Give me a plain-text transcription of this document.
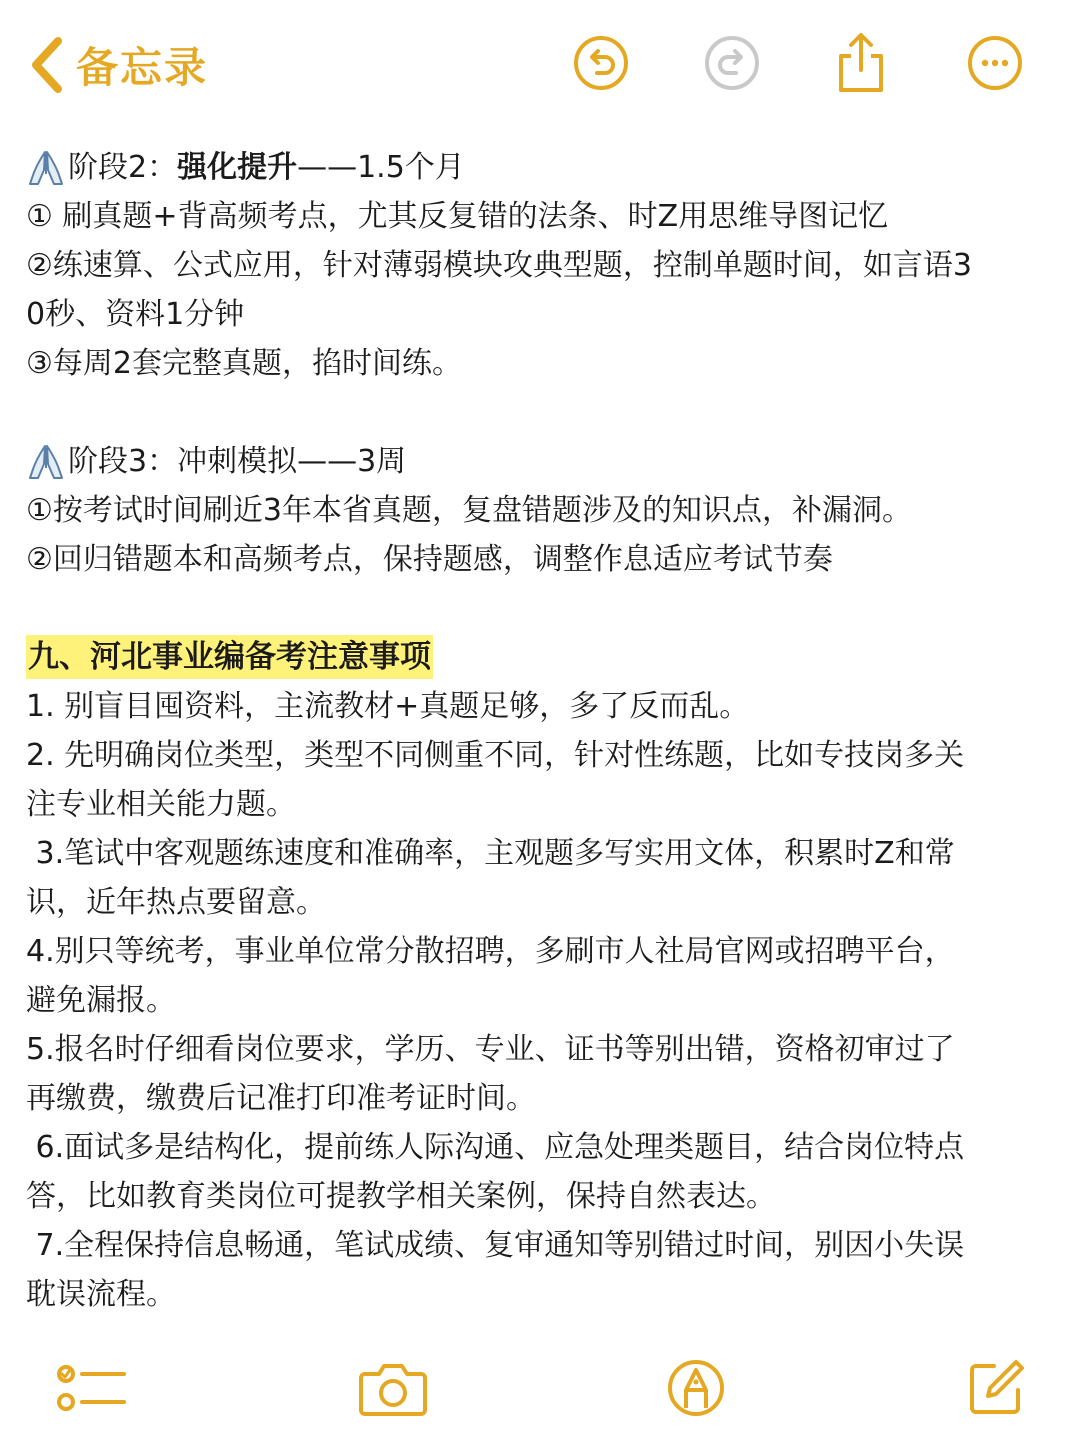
备忘录
阶段2： 强化提升 ——1.5个月
① 刷真题+背高频考点，尤其反复错的法条、时Z用思维导图记忆
②练速算、公式应用，针对薄弱模块攻典型题，控制单题时间，如言语3
0秒、资料1分钟
③每周2套完整真题，掐时间练。
阶段3：冲刺模拟——3周
①按考试时间刷近3年本省真题，复盘错题涉及的知识点，补漏洞。
②回归错题本和高频考点，保持题感，调整作息适应考试节奏
九、河北事业编备考注意事项
1. 别盲目囤资料，主流教材+真题足够，多了反而乱。
2. 先明确岗位类型，类型不同侧重不同，针对性练题，比如专技岗多关
注专业相关能力题。
3.笔试中客观题练速度和准确率，主观题多写实用文体，积累时Z和常
识，近年热点要留意。
4.别只等统考，事业单位常分散招聘，多刷市人社局官网或招聘平台，
避免漏报。
5.报名时仔细看岗位要求，学历、专业、证书等别出错，资格初审过了
再缴费，缴费后记准打印准考证时间。
6.面试多是结构化，提前练人际沟通、应急处理类题目，结合岗位特点
答，比如教育类岗位可提教学相关案例，保持自然表达。
7.全程保持信息畅通，笔试成绩、复审通知等别错过时间，别因小失误
耽误流程。
